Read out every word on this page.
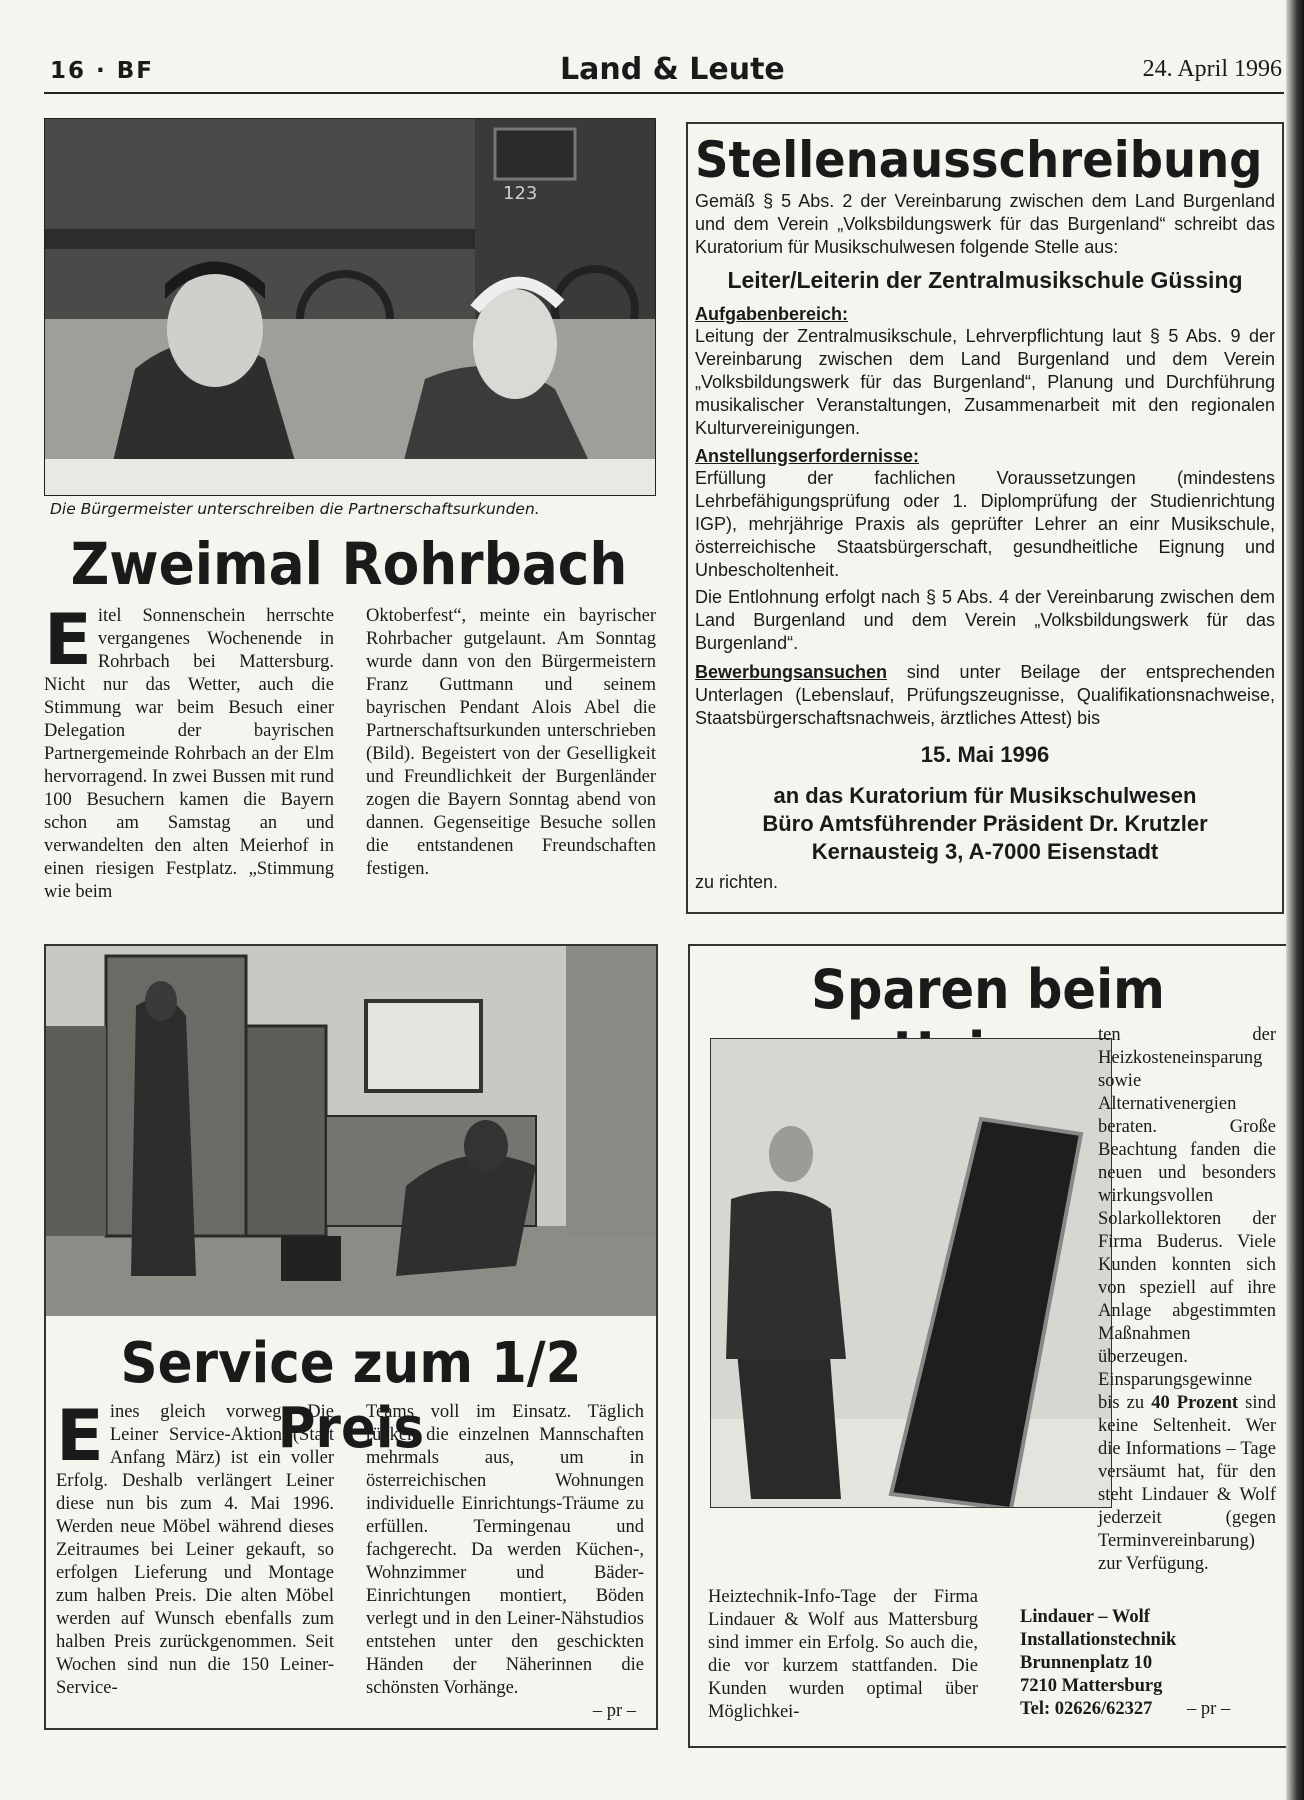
16 · BF	Land & Leute	24. April 1996
123
Die Bürgermeister unterschreiben die Partnerschaftsurkunden.
Zweimal Rohrbach
Eitel Sonnenschein herrschte vergangenes Wochenende in Rohrbach bei Mattersburg. Nicht nur das Wetter, auch die Stimmung war beim Besuch einer Delegation der bayrischen Partnergemeinde Rohrbach an der Elm hervorragend. In zwei Bussen mit rund 100 Besuchern kamen die Bayern schon am Samstag an und verwandelten den alten Meierhof in einen riesigen Festplatz. „Stimmung wie beim
Oktoberfest“, meinte ein bayrischer Rohrbacher gutgelaunt. Am Sonntag wurde dann von den Bürgermeistern Franz Guttmann und seinem bayrischen Pendant Alois Abel die Partnerschaftsurkunden unterschrieben (Bild). Begeistert von der Geselligkeit und Freundlichkeit der Burgenländer zogen die Bayern Sonntag abend von dannen. Gegenseitige Besuche sollen die entstandenen Freundschaften festigen.
Stellenausschreibung

Gemäß § 5 Abs. 2 der Vereinbarung zwischen dem Land Burgenland und dem Verein „Volksbildungswerk für das Burgenland“ schreibt das Kuratorium für Musikschulwesen folgende Stelle aus:

Leiter/Leiterin der Zentralmusikschule Güssing
Aufgabenbereich:

Leitung der Zentralmusikschule, Lehrverpflichtung laut § 5 Abs. 9 der Vereinbarung zwischen dem Land Burgenland und dem Verein „Volksbildungswerk für das Burgenland“, Planung und Durchführung musikalischer Veranstaltungen, Zusammenarbeit mit den regionalen Kulturvereinigungen.

Anstellungserfordernisse:

Erfüllung der fachlichen Voraussetzungen (mindestens Lehrbefähigungsprüfung oder 1. Diplomprüfung der Studienrichtung IGP), mehrjährige Praxis als geprüfter Lehrer an einr Musikschule, österreichische Staatsbürgerschaft, gesundheitliche Eignung und Unbescholtenheit.

Die Entlohnung erfolgt nach § 5 Abs. 4 der Vereinbarung zwischen dem Land Burgenland und dem Verein „Volksbildungswerk für das Burgenland“.

Bewerbungsansuchen sind unter Beilage der entsprechenden Unterlagen (Lebenslauf, Prüfungszeugnisse, Qualifikationsnachweise, Staatsbürgerschaftsnachweis, ärztliches Attest) bis

15. Mai 1996
an das Kuratorium für Musikschulwesen
Büro Amtsführender Präsident Dr. Krutzler
Kernausteig 3, A-7000 Eisenstadt
zu richten.
Service zum 1/2 Preis
Eines gleich vorweg: Die Leiner Service-Aktion (Start Anfang März) ist ein voller Erfolg. Deshalb verlängert Leiner diese nun bis zum 4. Mai 1996. Werden neue Möbel während dieses Zeitraumes bei Leiner gekauft, so erfolgen Lieferung und Montage zum halben Preis. Die alten Möbel werden auf Wunsch ebenfalls zum halben Preis zurückgenommen. Seit Wochen sind nun die 150 Leiner-Service-
Teams voll im Einsatz. Täglich rücken die einzelnen Mannschaften mehrmals aus, um in österreichischen Wohnungen individuelle Einrichtungs-Träume zu erfüllen. Termingenau und fachgerecht. Da werden Küchen-, Wohnzimmer und Bäder-Einrichtungen montiert, Böden verlegt und in den Leiner-Nähstudios entstehen unter den geschickten Händen der Näherinnen die schönsten Vorhänge.
– pr –
Sparen beim
ten der Heizkosteneinsparung sowie Alternativenergien beraten. Große Beachtung fanden die neuen und besonders wirkungsvollen Solarkollektoren der Firma Buderus. Viele Kunden konnten sich von speziell auf ihre Anlage abgestimmten Maßnahmen überzeugen. Einsparungsgewinne bis zu 40 Prozent sind keine Seltenheit. Wer die Informations – Tage versäumt hat, für den steht Lindauer & Wolf jederzeit (gegen Terminvereinbarung) zur Verfügung.
Heiztechnik-Info-Tage der Firma Lindauer & Wolf aus Mattersburg sind immer ein Erfolg. So auch die, die vor kurzem stattfanden. Die Kunden wurden optimal über Möglichkei-
Lindauer – Wolf
Installationstechnik
Brunnenplatz 10
7210 Mattersburg
Tel: 02626/62327 – pr –
